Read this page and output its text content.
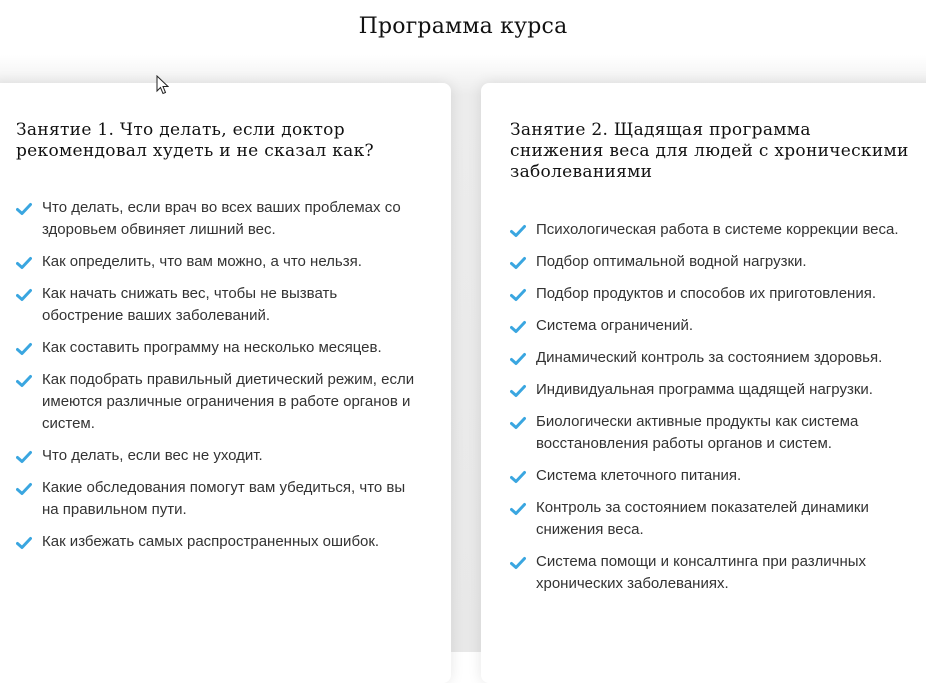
Программа курса
Занятие 1. Что делать, если доктор рекомендовал худеть и не сказал как?
Что делать, если врач во всех ваших проблемах со здоровьем обвиняет лишний вес.
Как определить, что вам можно, а что нельзя.
Как начать снижать вес, чтобы не вызвать обострение ваших заболеваний.
Как составить программу на несколько месяцев.
Как подобрать правильный диетический режим, если имеются различные ограничения в работе органов и систем.
Что делать, если вес не уходит.
Какие обследования помогут вам убедиться, что вы на правильном пути.
Как избежать самых распространенных ошибок.
Занятие 2. Щадящая программа снижения веса для людей с хроническими заболеваниями
Психологическая работа в системе коррекции веса.
Подбор оптимальной водной нагрузки.
Подбор продуктов и способов их приготовления.
Система ограничений.
Динамический контроль за состоянием здоровья.
Индивидуальная программа щадящей нагрузки.
Биологически активные продукты как система восстановления работы органов и систем.
Система клеточного питания.
Контроль за состоянием показателей динамики снижения веса.
Система помощи и консалтинга при различных хронических заболеваниях.
